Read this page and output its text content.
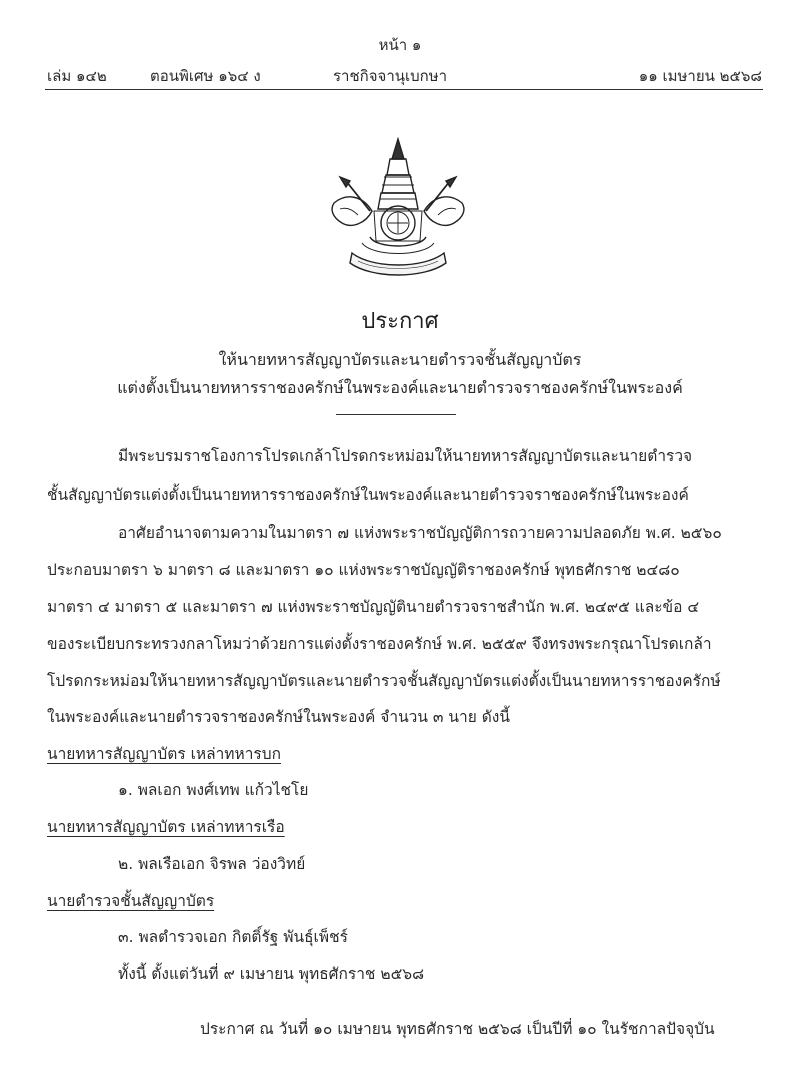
หน้า ๑
เล่ม ๑๔๒	ตอนพิเศษ ๑๖๔ ง	ราชกิจจานุเบกษา	๑๑ เมษายน ๒๕๖๘
ประกาศ
ให้นายทหารสัญญาบัตรและนายตำรวจชั้นสัญญาบัตร
แต่งตั้งเป็นนายทหารราชองครักษ์ในพระองค์และนายตำรวจราชองครักษ์ในพระองค์
มีพระบรมราชโองการโปรดเกล้าโปรดกระหม่อมให้นายทหารสัญญาบัตรและนายตำรวจ
ชั้นสัญญาบัตรแต่งตั้งเป็นนายทหารราชองครักษ์ในพระองค์และนายตำรวจราชองครักษ์ในพระองค์
อาศัยอำนาจตามความในมาตรา ๗ แห่งพระราชบัญญัติการถวายความปลอดภัย พ.ศ. ๒๕๖๐
ประกอบมาตรา ๖ มาตรา ๘ และมาตรา ๑๐ แห่งพระราชบัญญัติราชองครักษ์ พุทธศักราช ๒๔๘๐
มาตรา ๔ มาตรา ๕ และมาตรา ๗ แห่งพระราชบัญญัตินายตำรวจราชสำนัก พ.ศ. ๒๔๙๕ และข้อ ๔
ของระเบียบกระทรวงกลาโหมว่าด้วยการแต่งตั้งราชองครักษ์ พ.ศ. ๒๕๕๙ จึงทรงพระกรุณาโปรดเกล้า
โปรดกระหม่อมให้นายทหารสัญญาบัตรและนายตำรวจชั้นสัญญาบัตรแต่งตั้งเป็นนายทหารราชองครักษ์
ในพระองค์และนายตำรวจราชองครักษ์ในพระองค์ จำนวน ๓ นาย ดังนี้
นายทหารสัญญาบัตร เหล่าทหารบก
๑. พลเอก พงศ์เทพ แก้วไชโย
นายทหารสัญญาบัตร เหล่าทหารเรือ
๒. พลเรือเอก จิรพล ว่องวิทย์
นายตำรวจชั้นสัญญาบัตร
๓. พลตำรวจเอก กิตติ์รัฐ พันธุ์เพ็ชร์
ทั้งนี้ ตั้งแต่วันที่ ๙ เมษายน พุทธศักราช ๒๕๖๘
ประกาศ ณ วันที่ ๑๐ เมษายน พุทธศักราช ๒๕๖๘ เป็นปีที่ ๑๐ ในรัชกาลปัจจุบัน
